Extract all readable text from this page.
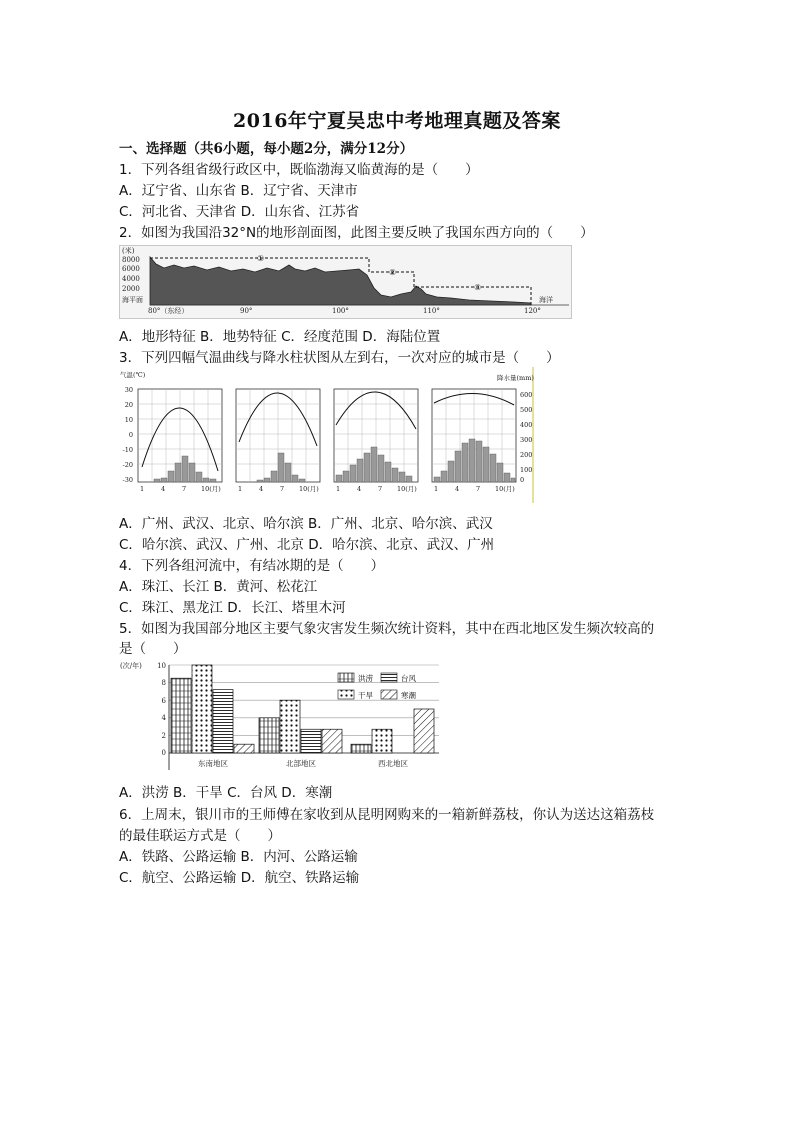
2016年宁夏吴忠中考地理真题及答案
一、选择题（共6小题，每小题2分，满分12分）
1．下列各组省级行政区中，既临渤海又临黄海的是（　　）
A．辽宁省、山东省 B．辽宁省、天津市
C．河北省、天津省 D．山东省、江苏省
2．如图为我国沿32°N的地形剖面图，此图主要反映了我国东西方向的（　　）
(米)
8000
6000
4000
2000
海平面
80°（东经）	90°	100°	110°	120°
海洋
①
②
③
A．地形特征 B．地势特征 C．经度范围 D．海陆位置
3．下列四幅气温曲线与降水柱状图从左到右，一次对应的城市是（　　）
气温(℃)	降水量(mm)
30
20
10
0
-10
-20
-30
600
500
400
300
200
100
0
1	4	7 10(月)	1	4	7 10(月)	1	4	7 10(月)	1	4	7 10(月)
A．广州、武汉、北京、哈尔滨 B．广州、北京、哈尔滨、武汉
C．哈尔滨、武汉、广州、北京 D．哈尔滨、北京、武汉、广州
4．下列各组河流中，有结冰期的是（　　）
A．珠江、长江 B．黄河、松花江
C．珠江、黑龙江 D．长江、塔里木河
5．如图为我国部分地区主要气象灾害发生频次统计资料，其中在西北地区发生频次较高的
是（　　）
(次/年) 10
8
6
4
2
0
东南地区	北部地区	西北地区
洪涝	台风
干旱	寒潮
A．洪涝 B．干旱 C．台风 D．寒潮
6．上周末，银川市的王师傅在家收到从昆明网购来的一箱新鲜荔枝，你认为送达这箱荔枝
的最佳联运方式是（　　）
A．铁路、公路运输 B．内河、公路运输
C．航空、公路运输 D．航空、铁路运输
